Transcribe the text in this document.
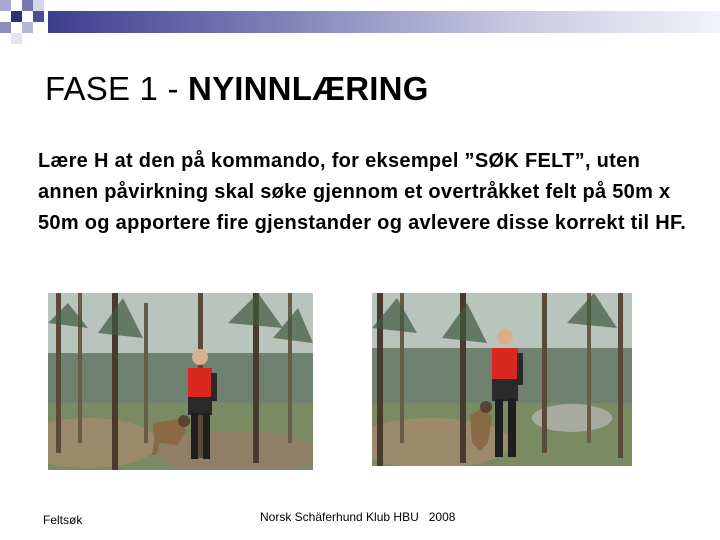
FASE 1 - NYINNLÆRING

Lære H at den på kommando, for eksempel ”SØK FELT”, uten annen påvirkning skal søke gjennom et overtråkket felt på 50m x 50m og apportere fire gjenstander og avlevere disse korrekt til HF.

Feltsøk	Norsk Schäferhund Klub HBU   2008
